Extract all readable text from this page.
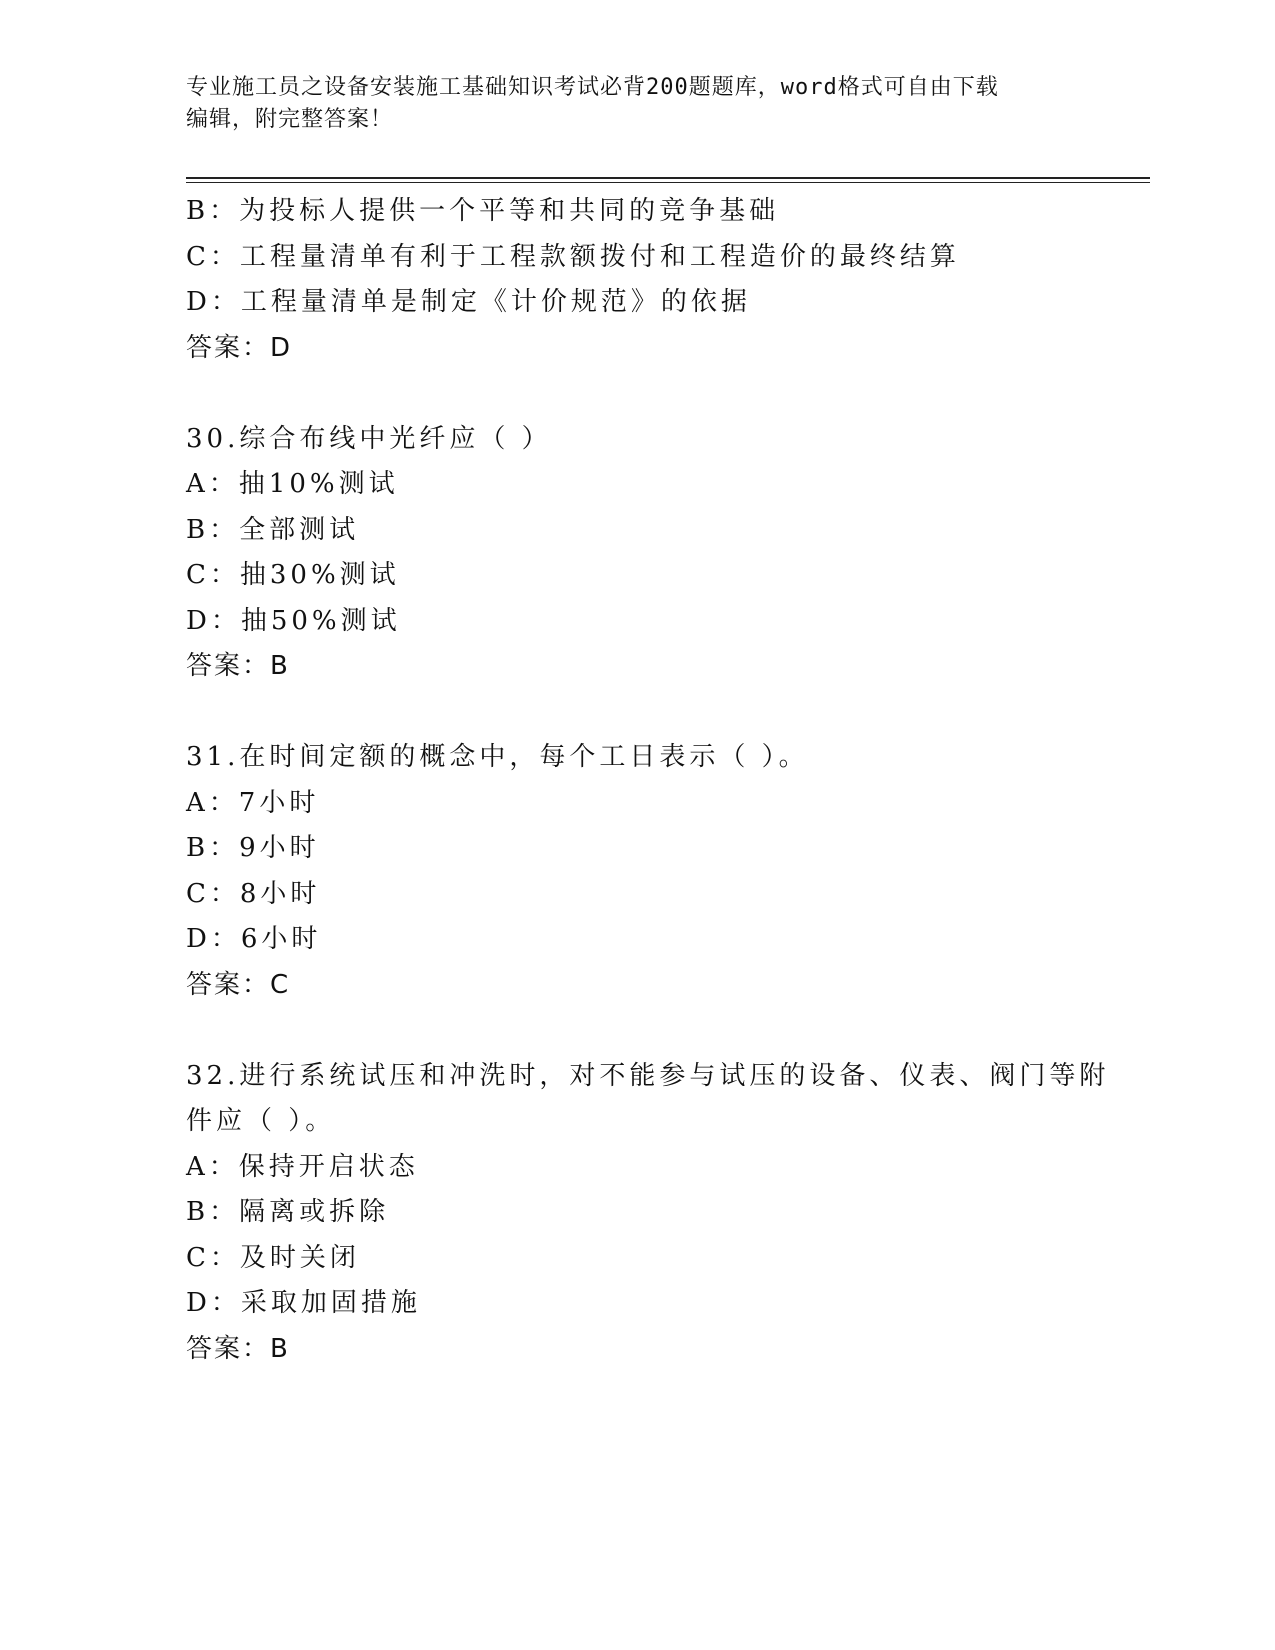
专业施工员之设备安装施工基础知识考试必背200题题库，word格式可自由下载
编辑，附完整答案！
B：为投标人提供一个平等和共同的竞争基础
C：工程量清单有利于工程款额拨付和工程造价的最终结算
D：工程量清单是制定《计价规范》的依据
答案：D
30.综合布线中光纤应（ ）
A：抽10%测试
B：全部测试
C：抽30%测试
D：抽50%测试
答案：B
31.在时间定额的概念中，每个工日表示（ ）。
A：7小时
B：9小时
C：8小时
D：6小时
答案：C
32.进行系统试压和冲洗时，对不能参与试压的设备、仪表、阀门等附
件应（ ）。
A：保持开启状态
B：隔离或拆除
C：及时关闭
D：采取加固措施
答案：B
